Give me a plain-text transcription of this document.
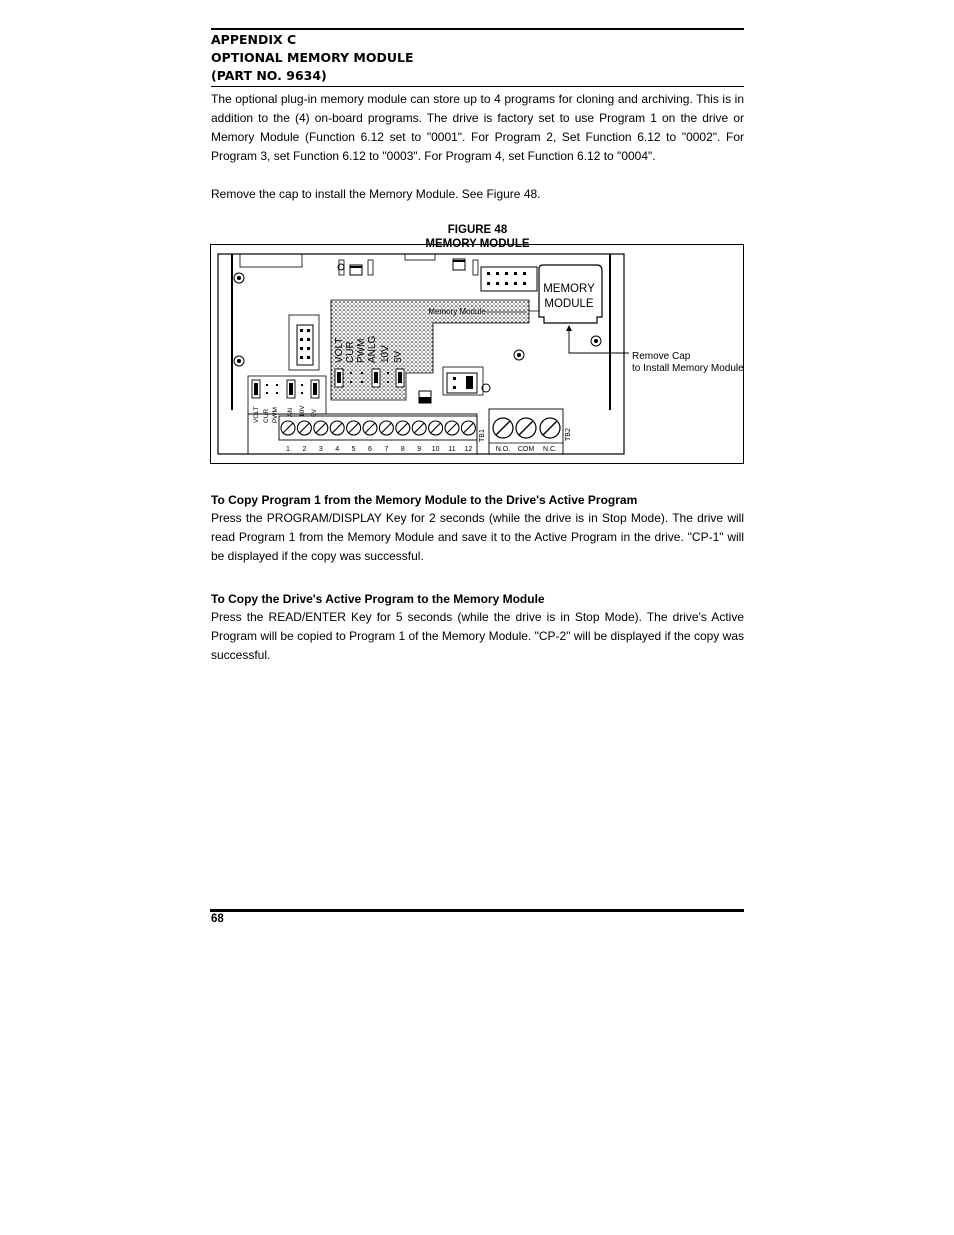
APPENDIX C
OPTIONAL MEMORY MODULE
(PART NO. 9634)

The optional plug-in memory module can store up to 4 programs for cloning and archiving. This is in addition to the (4) on-board programs. The drive is factory set to use Program 1 on the drive or Memory Module (Function 6.12 set to "0001". For Program 2, Set Function 6.12 to "0002". For Program 3, set Function 6.12 to "0003". For Program 4, set Function 6.12 to "0004".

Remove the cap to install the Memory Module. See Figure 48.

FIGURE 48
MEMORY MODULE
Memory Module
MEMORY
MODULE
Remove Cap
to Install Memory Module
VOLT CUR PWM ANLG 10V 5V
VOLT CUR PWM AN 10V 5V
1 2 3 4 5 6 7 8 9 10 11 12
TB1
N.O. COM N.C.
TB2
To Copy Program 1 from the Memory Module to the Drive's Active Program

Press the PROGRAM/DISPLAY Key for 2 seconds (while the drive is in Stop Mode). The drive will read Program 1 from the Memory Module and save it to the Active Program in the drive. "CP-1" will be displayed if the copy was successful.

To Copy the Drive's Active Program to the Memory Module

Press the READ/ENTER Key for 5 seconds (while the drive is in Stop Mode). The drive's Active Program will be copied to Program 1 of the Memory Module. "CP-2" will be displayed if the copy was successful.

68
